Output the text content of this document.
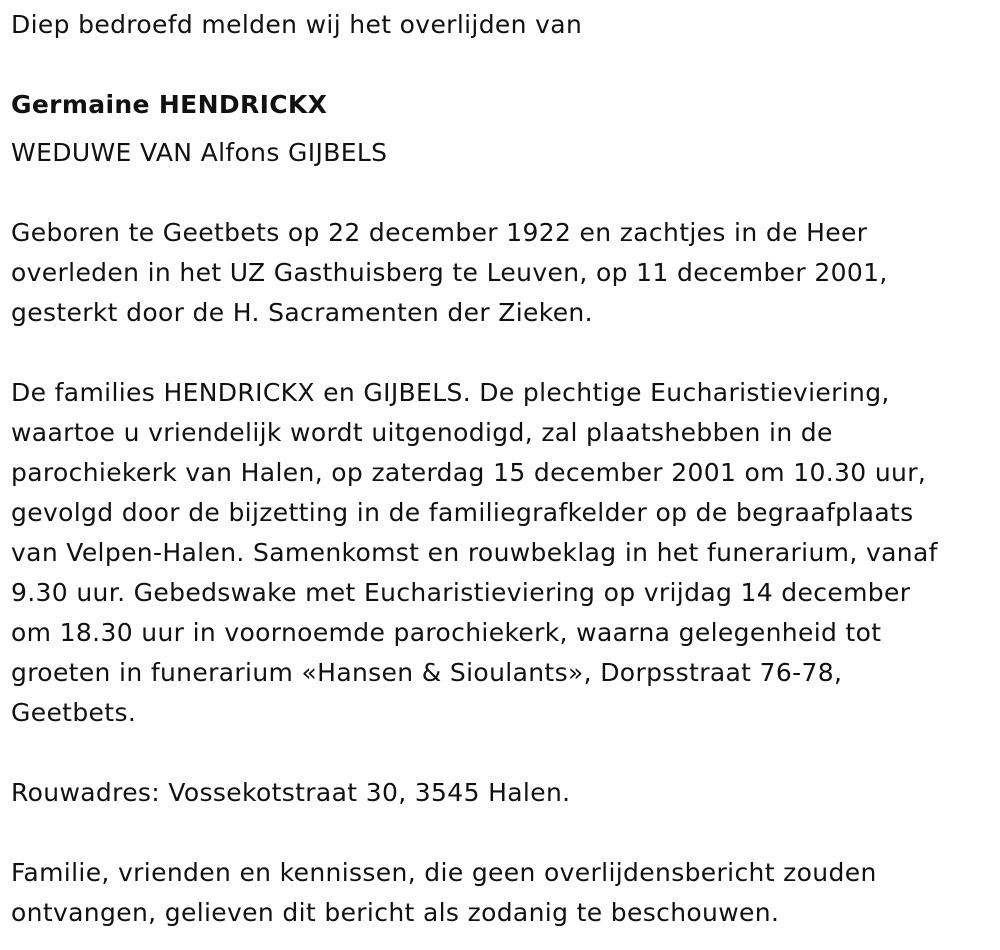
Diep bedroefd melden wij het overlijden van
Germaine HENDRICKX
WEDUWE VAN Alfons GIJBELS
Geboren te Geetbets op 22 december 1922 en zachtjes in de Heer
overleden in het UZ Gasthuisberg te Leuven, op 11 december 2001,
gesterkt door de H. Sacramenten der Zieken.
De families HENDRICKX en GIJBELS. De plechtige Eucharistieviering,
waartoe u vriendelijk wordt uitgenodigd, zal plaatshebben in de
parochiekerk van Halen, op zaterdag 15 december 2001 om 10.30 uur,
gevolgd door de bijzetting in de familiegrafkelder op de begraafplaats
van Velpen-Halen. Samenkomst en rouwbeklag in het funerarium, vanaf
9.30 uur. Gebedswake met Eucharistieviering op vrijdag 14 december
om 18.30 uur in voornoemde parochiekerk, waarna gelegenheid tot
groeten in funerarium «Hansen & Sioulants», Dorpsstraat 76-78,
Geetbets.
Rouwadres: Vossekotstraat 30, 3545 Halen.
Familie, vrienden en kennissen, die geen overlijdensbericht zouden
ontvangen, gelieven dit bericht als zodanig te beschouwen.
